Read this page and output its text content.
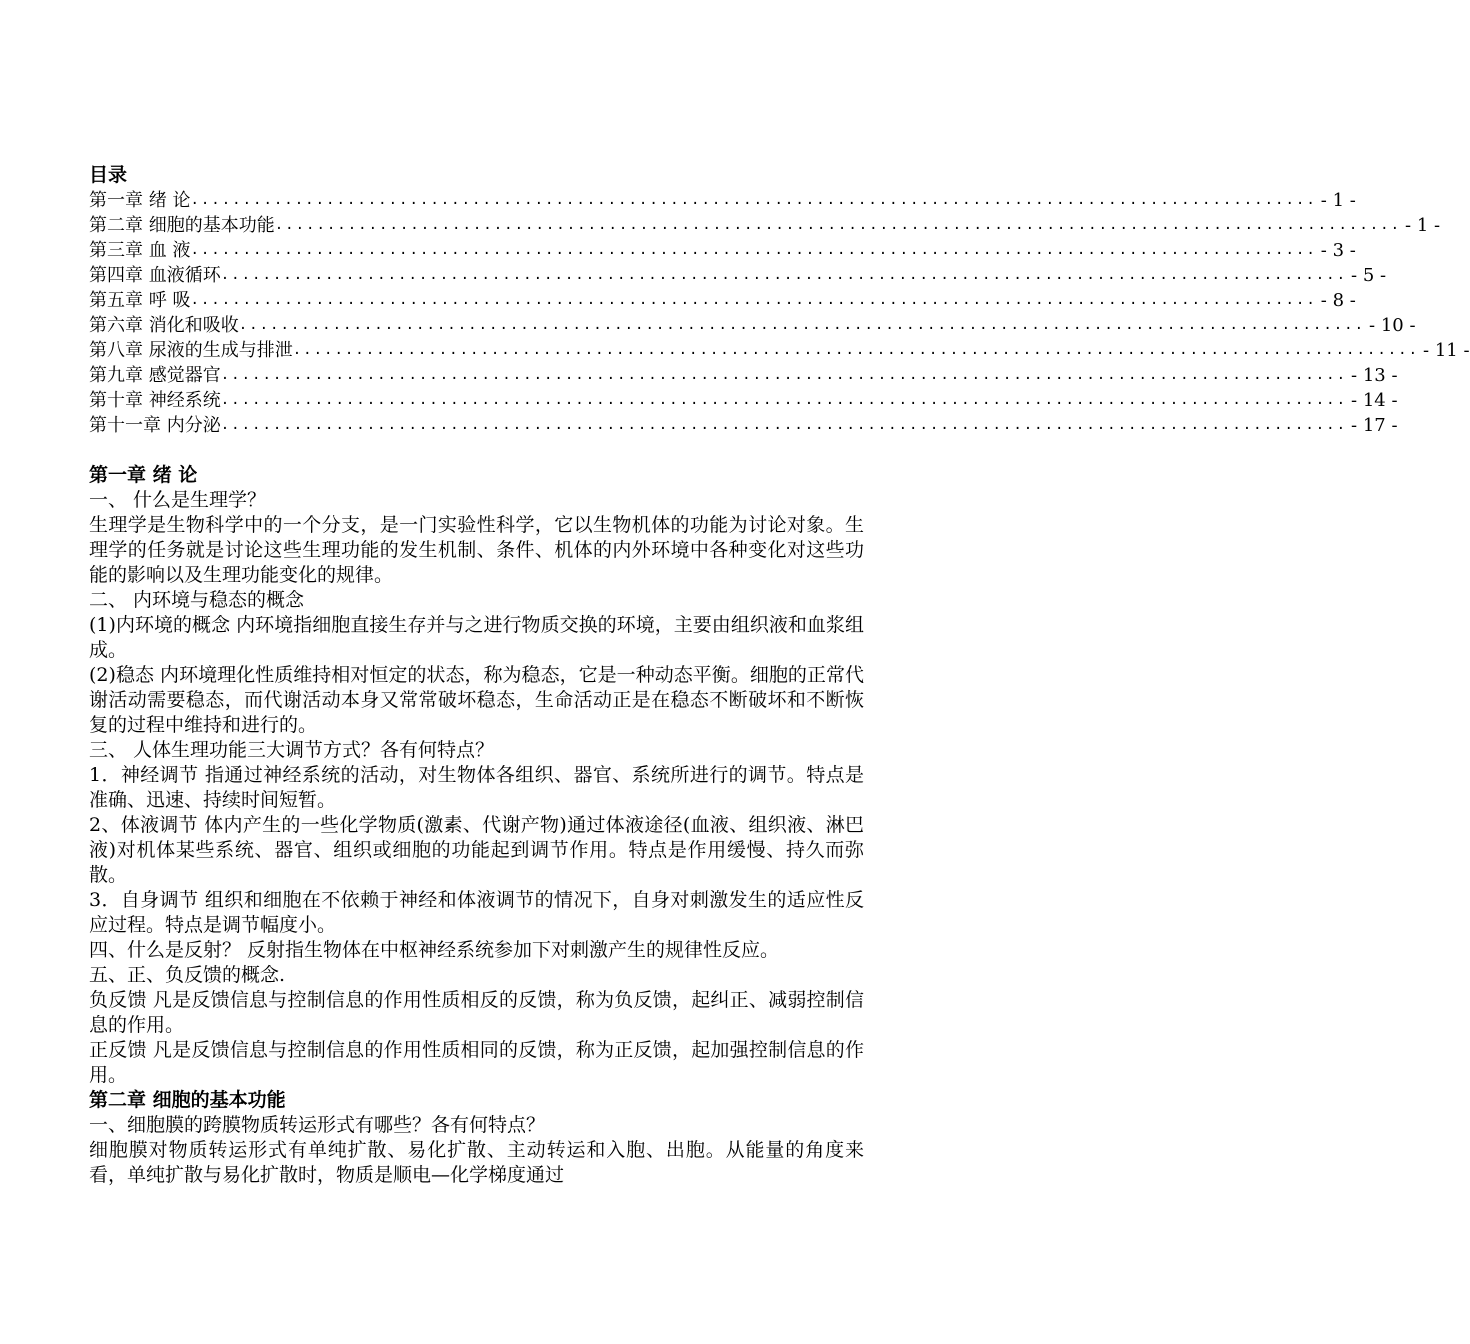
目录
第一章 绪 论 ............................................................................................................ - 1 -
第二章 细胞的基本功能 ............................................................................................................ - 1 -
第三章 血 液 ............................................................................................................ - 3 -
第四章 血液循环 ............................................................................................................ - 5 -
第五章 呼 吸 ............................................................................................................ - 8 -
第六章 消化和吸收 ............................................................................................................ - 10 -
第八章 尿液的生成与排泄 ............................................................................................................ - 11 -
第九章 感觉器官 ............................................................................................................ - 13 -
第十章 神经系统 ............................................................................................................ - 14 -
第十一章 内分泌 ............................................................................................................ - 17 -
第一章 绪 论

一、 什么是生理学？

生理学是生物科学中的一个分支，是一门实验性科学，它以生物机体的功能为讨论对象。生理学的任务就是讨论这些生理功能的发生机制、条件、机体的内外环境中各种变化对这些功能的影响以及生理功能变化的规律。

二、 内环境与稳态的概念

(1)内环境的概念 内环境指细胞直接生存并与之进行物质交换的环境，主要由组织液和血浆组成。

(2)稳态 内环境理化性质维持相对恒定的状态，称为稳态，它是一种动态平衡。细胞的正常代谢活动需要稳态，而代谢活动本身又常常破坏稳态，生命活动正是在稳态不断破坏和不断恢复的过程中维持和进行的。

三、 人体生理功能三大调节方式？各有何特点？

1．神经调节 指通过神经系统的活动，对生物体各组织、器官、系统所进行的调节。特点是准确、迅速、持续时间短暂。

2、体液调节 体内产生的一些化学物质(激素、代谢产物)通过体液途径(血液、组织液、淋巴液)对机体某些系统、器官、组织或细胞的功能起到调节作用。特点是作用缓慢、持久而弥散。

3．自身调节 组织和细胞在不依赖于神经和体液调节的情况下，自身对刺激发生的适应性反应过程。特点是调节幅度小。

四、什么是反射？ 反射指生物体在中枢神经系统参加下对刺激产生的规律性反应。

五、正、负反馈的概念.

负反馈 凡是反馈信息与控制信息的作用性质相反的反馈，称为负反馈，起纠正、减弱控制信息的作用。

正反馈 凡是反馈信息与控制信息的作用性质相同的反馈，称为正反馈，起加强控制信息的作用。

第二章 细胞的基本功能

一、细胞膜的跨膜物质转运形式有哪些？各有何特点？

细胞膜对物质转运形式有单纯扩散、易化扩散、主动转运和入胞、出胞。从能量的角度来看，单纯扩散与易化扩散时，物质是顺电—化学梯度通过
